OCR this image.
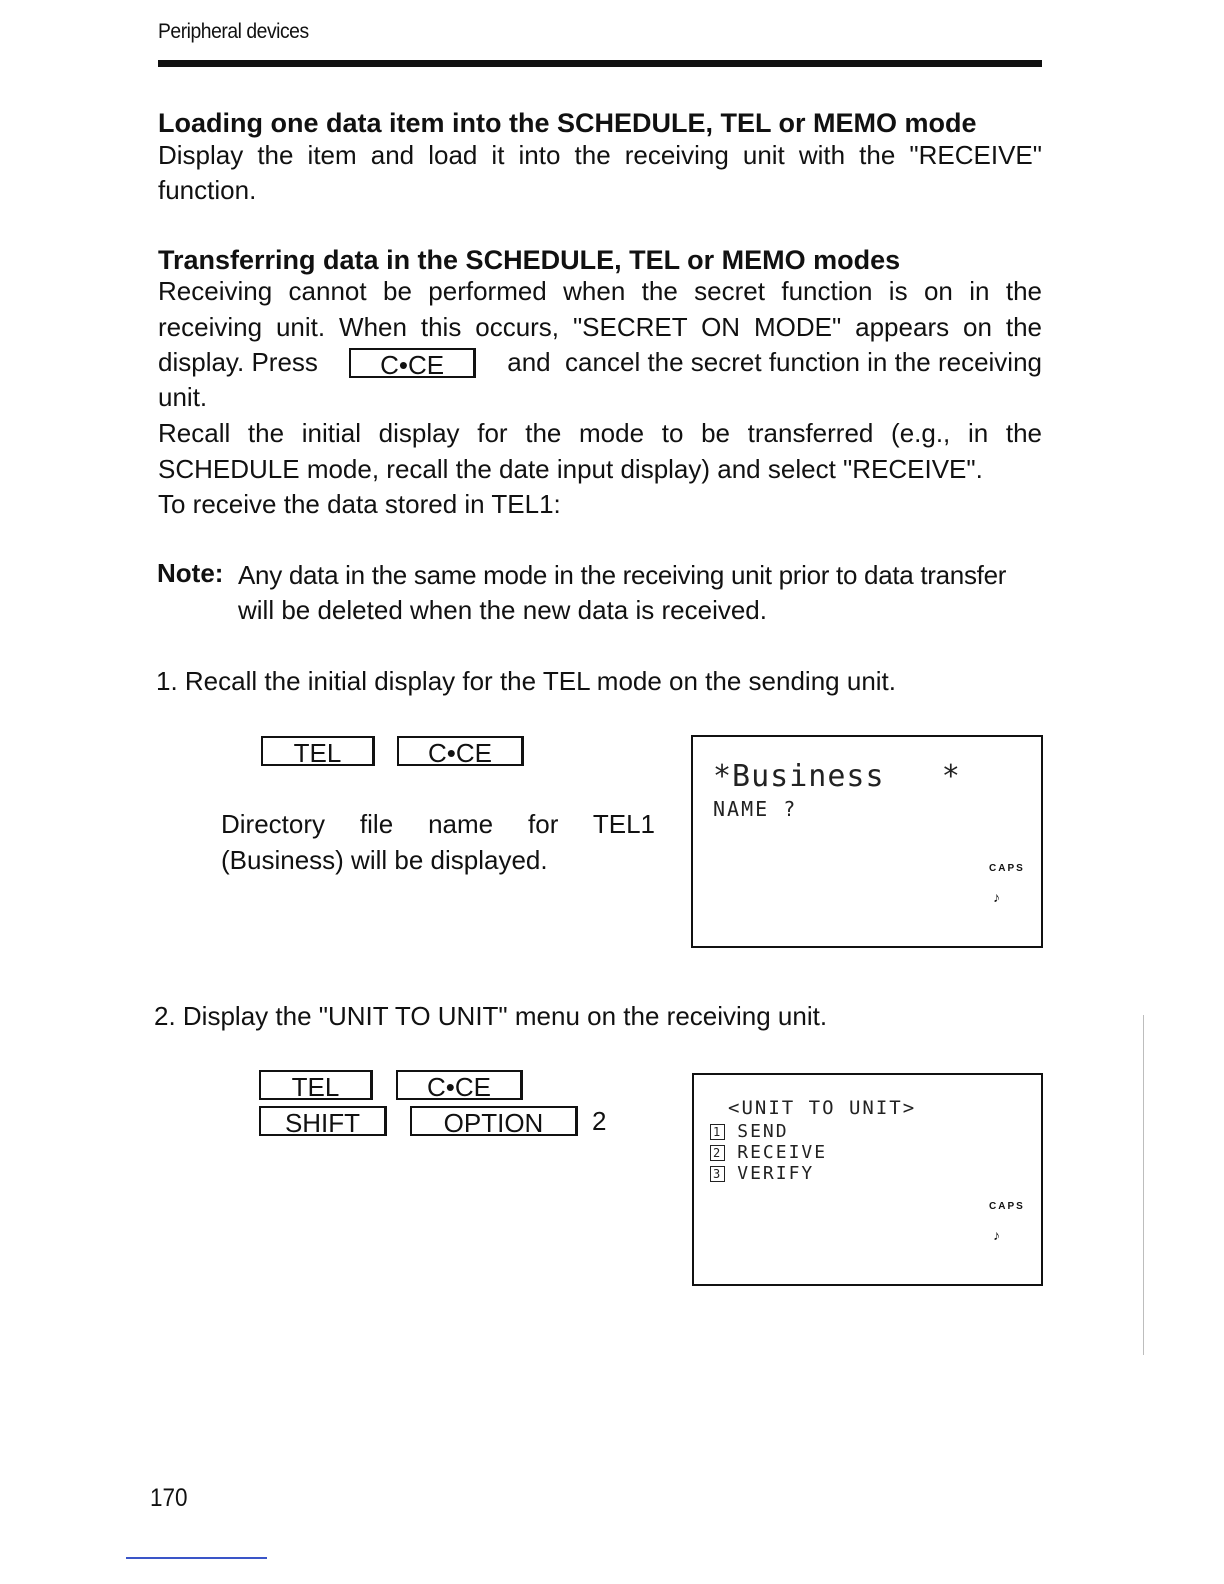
Peripheral devices
Loading one data item into the SCHEDULE, TEL or MEMO mode
Display the item and load it into the receiving unit with the "RECEIVE"
function.
Transferring data in the SCHEDULE, TEL or MEMO modes
Receiving cannot be performed when the secret function is on in the
receiving unit. When this occurs, "SECRET ON MODE" appears on the
display. Press	C•CE	and  cancel the secret function in the receiving
unit.
Recall the initial display for the mode to be transferred (e.g., in the
SCHEDULE mode, recall the date input display) and select "RECEIVE".
To receive the data stored in TEL1:
Note: Any data in the same mode in the receiving unit prior to data transfer
will be deleted when the new data is received.
1. Recall the initial display for the TEL mode on the sending unit.
TEL	C•CE
Directory file name for TEL1
(Business) will be displayed.
*Business   *
NAME ?
CAPS
♪
2. Display the "UNIT TO UNIT" menu on the receiving unit.
TEL	C•CE
SHIFT	OPTION	2	<UNIT TO UNIT>
1 SEND
2 RECEIVE
3 VERIFY
CAPS
♪
170
